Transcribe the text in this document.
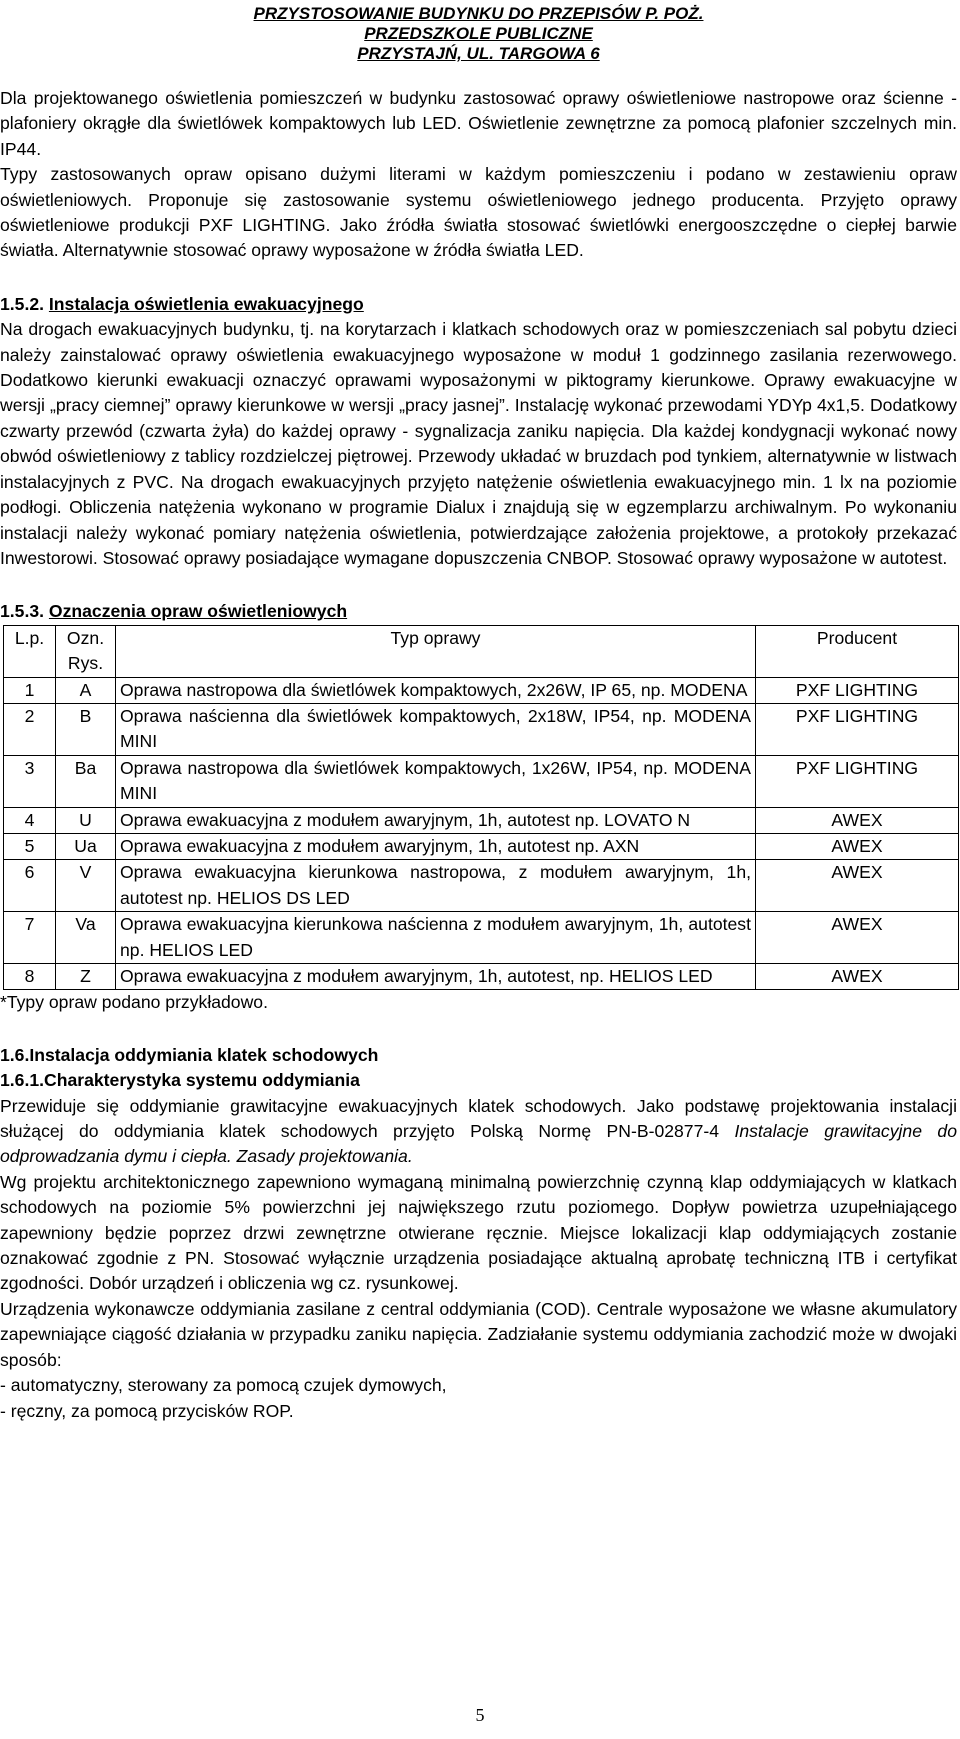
PRZYSTOSOWANIE BUDYNKU DO PRZEPISÓW P. POŻ.
PRZEDSZKOLE PUBLICZNE
PRZYSTAJŃ, UL. TARGOWA 6

Dla projektowanego oświetlenia pomieszczeń w budynku zastosować oprawy oświetleniowe nastropowe oraz ścienne - plafoniery okrągłe dla świetlówek kompaktowych lub LED. Oświetlenie zewnętrzne za pomocą plafonier szczelnych min. IP44.

Typy zastosowanych opraw opisano dużymi literami w każdym pomieszczeniu i podano w zestawieniu opraw oświetleniowych. Proponuje się zastosowanie systemu oświetleniowego jednego producenta. Przyjęto oprawy oświetleniowe produkcji PXF LIGHTING. Jako źródła światła stosować świetlówki energooszczędne o ciepłej barwie światła. Alternatywnie stosować oprawy wyposażone w źródła światła LED.

1.5.2. Instalacja oświetlenia ewakuacyjnego

Na drogach ewakuacyjnych budynku, tj. na korytarzach i klatkach schodowych oraz w pomieszczeniach sal pobytu dzieci należy zainstalować oprawy oświetlenia ewakuacyjnego wyposażone w moduł 1 godzinnego zasilania rezerwowego. Dodatkowo kierunki ewakuacji oznaczyć oprawami wyposażonymi w piktogramy kierunkowe. Oprawy ewakuacyjne w wersji „pracy ciemnej” oprawy kierunkowe w wersji „pracy jasnej”. Instalację wykonać przewodami YDYp 4x1,5. Dodatkowy czwarty przewód (czwarta żyła) do każdej oprawy - sygnalizacja zaniku napięcia. Dla każdej kondygnacji wykonać nowy obwód oświetleniowy z tablicy rozdzielczej piętrowej. Przewody układać w bruzdach pod tynkiem, alternatywnie w listwach instalacyjnych z PVC. Na drogach ewakuacyjnych przyjęto natężenie oświetlenia ewakuacyjnego min. 1 lx na poziomie podłogi. Obliczenia natężenia wykonano w programie Dialux i znajdują się w egzemplarzu archiwalnym. Po wykonaniu instalacji należy wykonać pomiary natężenia oświetlenia, potwierdzające założenia projektowe, a protokoły przekazać Inwestorowi. Stosować oprawy posiadające wymagane dopuszczenia CNBOP. Stosować oprawy wyposażone w autotest.

1.5.3. Oznaczenia opraw oświetleniowych

L.p.	Ozn. Rys.	Typ oprawy	Producent
1	A	Oprawa nastropowa dla świetlówek kompaktowych, 2x26W, IP 65, np. MODENA	PXF LIGHTING
2	B	Oprawa naścienna dla świetlówek kompaktowych, 2x18W, IP54, np. MODENA MINI	PXF LIGHTING
3	Ba	Oprawa nastropowa dla świetlówek kompaktowych, 1x26W, IP54, np. MODENA MINI	PXF LIGHTING
4	U	Oprawa ewakuacyjna z modułem awaryjnym, 1h, autotest np. LOVATO N	AWEX
5	Ua	Oprawa ewakuacyjna z modułem awaryjnym, 1h, autotest np. AXN	AWEX
6	V	Oprawa ewakuacyjna kierunkowa nastropowa, z modułem awaryjnym, 1h, autotest np. HELIOS DS LED	AWEX
7	Va	Oprawa ewakuacyjna kierunkowa naścienna z modułem awaryjnym, 1h, autotest np. HELIOS LED	AWEX
8	Z	Oprawa ewakuacyjna z modułem awaryjnym, 1h, autotest, np. HELIOS LED	AWEX

*Typy opraw podano przykładowo.

1.6.Instalacja oddymiania klatek schodowych

1.6.1.Charakterystyka systemu oddymiania

Przewiduje się oddymianie grawitacyjne ewakuacyjnych klatek schodowych. Jako podstawę projektowania instalacji służącej do oddymiania klatek schodowych przyjęto Polską Normę PN-B-02877-4 Instalacje grawitacyjne do odprowadzania dymu i ciepła. Zasady projektowania.

Wg projektu architektonicznego zapewniono wymaganą minimalną powierzchnię czynną klap oddymiających w klatkach schodowych na poziomie 5% powierzchni jej największego rzutu poziomego. Dopływ powietrza uzupełniającego zapewniony będzie poprzez drzwi zewnętrzne otwierane ręcznie. Miejsce lokalizacji klap oddymiających zostanie oznakować zgodnie z PN. Stosować wyłącznie urządzenia posiadające aktualną aprobatę techniczną ITB i certyfikat zgodności. Dobór urządzeń i obliczenia wg cz. rysunkowej.

Urządzenia wykonawcze oddymiania zasilane z central oddymiania (COD). Centrale wyposażone we własne akumulatory zapewniające ciągość działania w przypadku zaniku napięcia. Zadziałanie systemu oddymiania zachodzić może w dwojaki sposób:

- automatyczny, sterowany za pomocą czujek dymowych,

- ręczny, za pomocą przycisków ROP.

5
